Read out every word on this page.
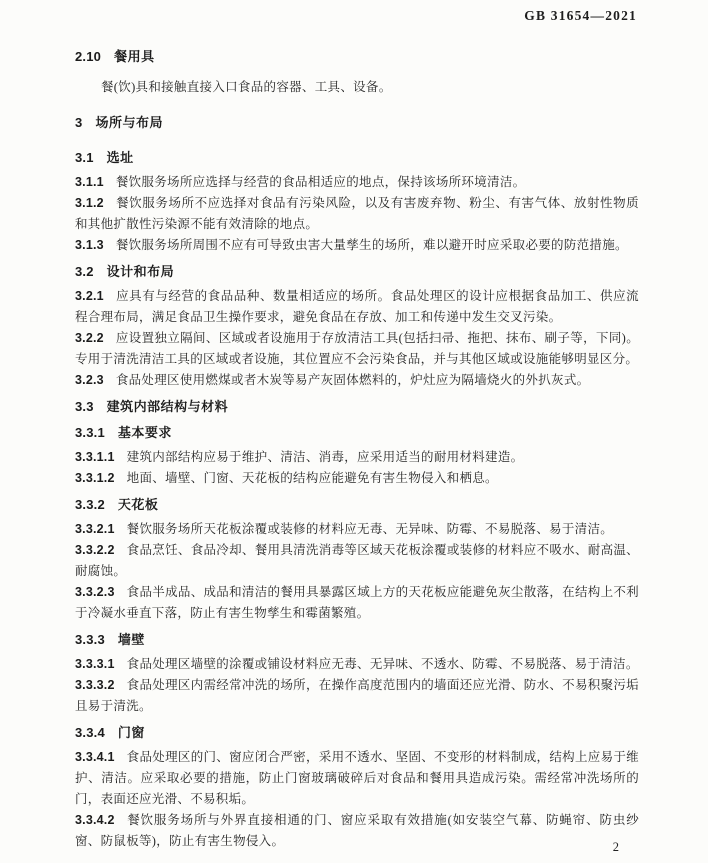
GB 31654—2021
2.10 餐用具

餐(饮)具和接触直接入口食品的容器、工具、设备。

3 场所与布局
3.1 选址

3.1.1 餐饮服务场所应选择与经营的食品相适应的地点，保持该场所环境清洁。

3.1.2 餐饮服务场所不应选择对食品有污染风险，以及有害废弃物、粉尘、有害气体、放射性物质和其他扩散性污染源不能有效清除的地点。

3.1.3 餐饮服务场所周围不应有可导致虫害大量孳生的场所，难以避开时应采取必要的防范措施。

3.2 设计和布局

3.2.1 应具有与经营的食品品种、数量相适应的场所。食品处理区的设计应根据食品加工、供应流程合理布局，满足食品卫生操作要求，避免食品在存放、加工和传递中发生交叉污染。

3.2.2 应设置独立隔间、区域或者设施用于存放清洁工具(包括扫帚、拖把、抹布、刷子等，下同)。专用于清洗清洁工具的区域或者设施，其位置应不会污染食品，并与其他区域或设施能够明显区分。

3.2.3 食品处理区使用燃煤或者木炭等易产灰固体燃料的，炉灶应为隔墙烧火的外扒灰式。

3.3 建筑内部结构与材料
3.3.1 基本要求

3.3.1.1 建筑内部结构应易于维护、清洁、消毒，应采用适当的耐用材料建造。

3.3.1.2 地面、墙壁、门窗、天花板的结构应能避免有害生物侵入和栖息。

3.3.2 天花板

3.3.2.1 餐饮服务场所天花板涂覆或装修的材料应无毒、无异味、防霉、不易脱落、易于清洁。

3.3.2.2 食品烹饪、食品冷却、餐用具清洗消毒等区域天花板涂覆或装修的材料应不吸水、耐高温、耐腐蚀。

3.3.2.3 食品半成品、成品和清洁的餐用具暴露区域上方的天花板应能避免灰尘散落，在结构上不利于冷凝水垂直下落，防止有害生物孳生和霉菌繁殖。

3.3.3 墙壁

3.3.3.1 食品处理区墙壁的涂覆或铺设材料应无毒、无异味、不透水、防霉、不易脱落、易于清洁。

3.3.3.2 食品处理区内需经常冲洗的场所，在操作高度范围内的墙面还应光滑、防水、不易积聚污垢且易于清洗。

3.3.4 门窗

3.3.4.1 食品处理区的门、窗应闭合严密，采用不透水、坚固、不变形的材料制成，结构上应易于维护、清洁。应采取必要的措施，防止门窗玻璃破碎后对食品和餐用具造成污染。需经常冲洗场所的门，表面还应光滑、不易积垢。

3.3.4.2 餐饮服务场所与外界直接相通的门、窗应采取有效措施(如安装空气幕、防蝇帘、防虫纱窗、防鼠板等)，防止有害生物侵入。	2
